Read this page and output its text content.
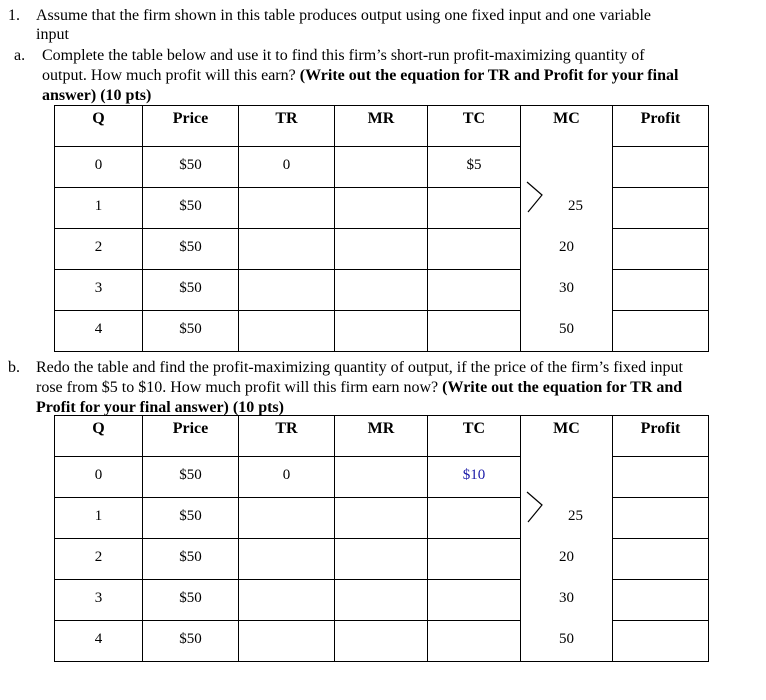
1. Assume that the firm shown in this table produces output using one fixed input and one variable
input
a. Complete the table below and use it to find this firm’s short-run profit-maximizing quantity of
output. How much profit will this earn? (Write out the equation for TR and Profit for your final
answer) (10 pts)
Q	Price	TR	MR	TC	MC	Profit
0	$50	0		$5		
1	$50				25	
2	$50				20	
3	$50				30	
4	$50				50	
b. Redo the table and find the profit-maximizing quantity of output, if the price of the firm’s fixed input
rose from $5 to $10. How much profit will this firm earn now? (Write out the equation for TR and
Profit for your final answer) (10 pts)
Q	Price	TR	MR	TC	MC	Profit
0	$50	0		$10		
1	$50				25	
2	$50				20	
3	$50				30	
4	$50				50	
